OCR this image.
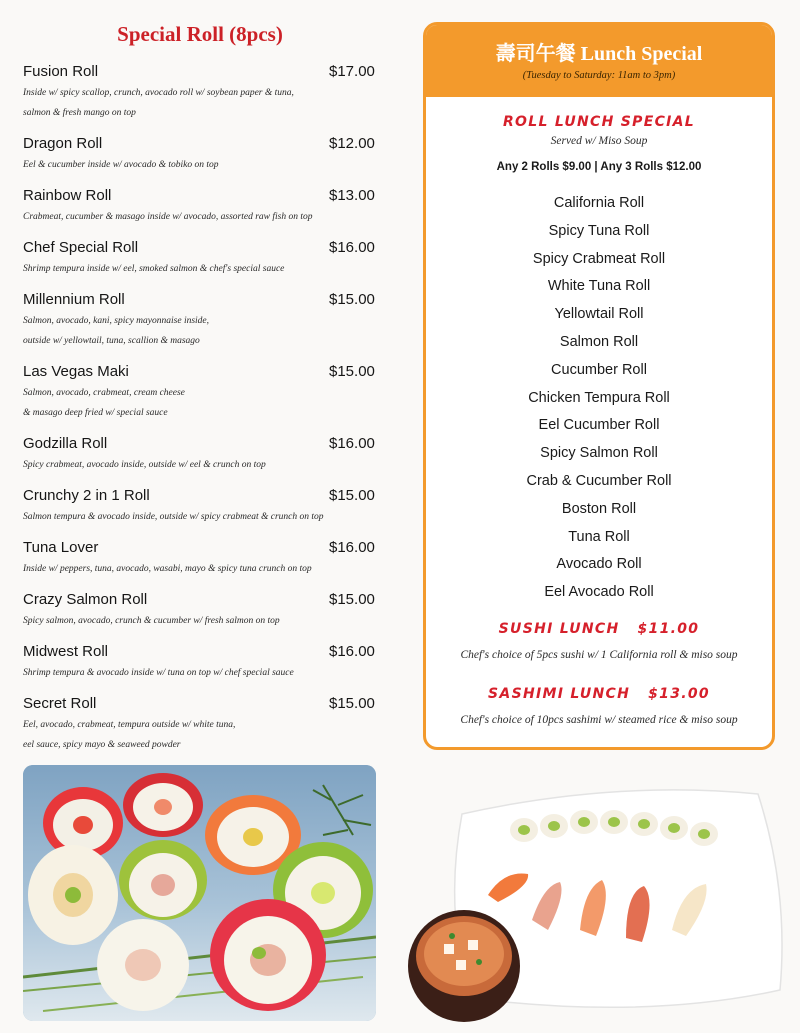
Special Roll (8pcs)
Fusion Roll	$17.00
Inside w/ spicy scallop, crunch, avocado roll w/ soybean paper & tuna,
salmon & fresh mango on top
Dragon Roll	$12.00
Eel & cucumber inside w/ avocado & tobiko on top
Rainbow Roll	$13.00
Crabmeat, cucumber & masago inside w/ avocado, assorted raw fish on top
Chef Special Roll	$16.00
Shrimp tempura inside w/ eel, smoked salmon & chef's special sauce
Millennium Roll	$15.00
Salmon, avocado, kani, spicy mayonnaise inside,
outside w/ yellowtail, tuna, scallion & masago
Las Vegas Maki	$15.00
Salmon, avocado, crabmeat, cream cheese
& masago deep fried w/ special sauce
Godzilla Roll	$16.00
Spicy crabmeat, avocado inside, outside w/ eel & crunch on top
Crunchy 2 in 1 Roll	$15.00
Salmon tempura & avocado inside, outside w/ spicy crabmeat & crunch on top
Tuna Lover	$16.00
Inside w/ peppers, tuna, avocado, wasabi, mayo & spicy tuna crunch on top
Crazy Salmon Roll	$15.00
Spicy salmon, avocado, crunch & cucumber w/ fresh salmon on top
Midwest Roll	$16.00
Shrimp tempura & avocado inside w/ tuna on top w/ chef special sauce
Secret Roll	$15.00
Eel, avocado, crabmeat, tempura outside w/ white tuna,
eel sauce, spicy mayo & seaweed powder
壽司午餐 Lunch Special
(Tuesday to Saturday: 11am to 3pm)
ROLL LUNCH SPECIAL
Served w/ Miso Soup
Any 2 Rolls $9.00 | Any 3 Rolls $12.00
California Roll
Spicy Tuna Roll
Spicy Crabmeat Roll
White Tuna Roll
Yellowtail Roll
Salmon Roll
Cucumber Roll
Chicken Tempura Roll
Eel Cucumber Roll
Spicy Salmon Roll
Crab & Cucumber Roll
Boston Roll
Tuna Roll
Avocado Roll
Eel Avocado Roll
SUSHI LUNCH $11.00
Chef's choice of 5pcs sushi w/ 1 California roll & miso soup
SASHIMI LUNCH $13.00
Chef's choice of 10pcs sashimi w/ steamed rice & miso soup
